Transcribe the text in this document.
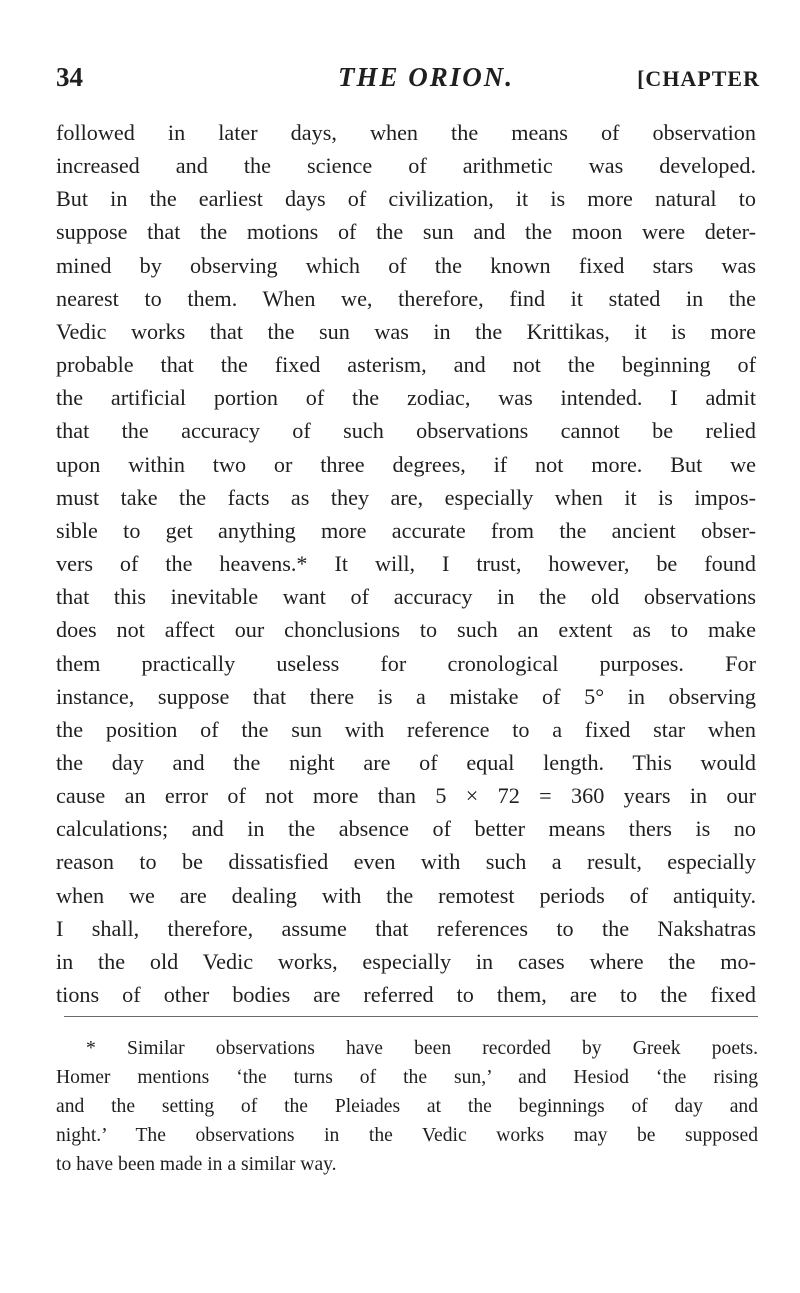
34	THE ORION.	[CHAPTER

followed in later days, when the means of observation
increased and the science of arithmetic was developed.
But in the earliest days of civilization, it is more natural to
suppose that the motions of the sun and the moon were deter-
mined by observing which of the known fixed stars was
nearest to them. When we, therefore, find it stated in the
Vedic works that the sun was in the Krittikas, it is more
probable that the fixed asterism, and not the beginning of
the artificial portion of the zodiac, was intended. I admit
that the accuracy of such observations cannot be relied
upon within two or three degrees, if not more. But we
must take the facts as they are, especially when it is impos-
sible to get anything more accurate from the ancient obser-
vers of the heavens.* It will, I trust, however, be found
that this inevitable want of accuracy in the old observations
does not affect our chonclusions to such an extent as to make
them practically useless for cronological purposes. For
instance, suppose that there is a mistake of 5° in observing
the position of the sun with reference to a fixed star when
the day and the night are of equal length. This would
cause an error of not more than 5 × 72 = 360 years in our
calculations; and in the absence of better means thers is no
reason to be dissatisfied even with such a result, especially
when we are dealing with the remotest periods of antiquity.
I shall, therefore, assume that references to the Nakshatras
in the old Vedic works, especially in cases where the mo-
tions of other bodies are referred to them, are to the fixed

* Similar observations have been recorded by Greek poets.
Homer mentions ‘the turns of the sun,’ and Hesiod ‘the rising
and the setting of the Pleiades at the beginnings of day and
night.’ The observations in the Vedic works may be supposed
to have been made in a similar way.
